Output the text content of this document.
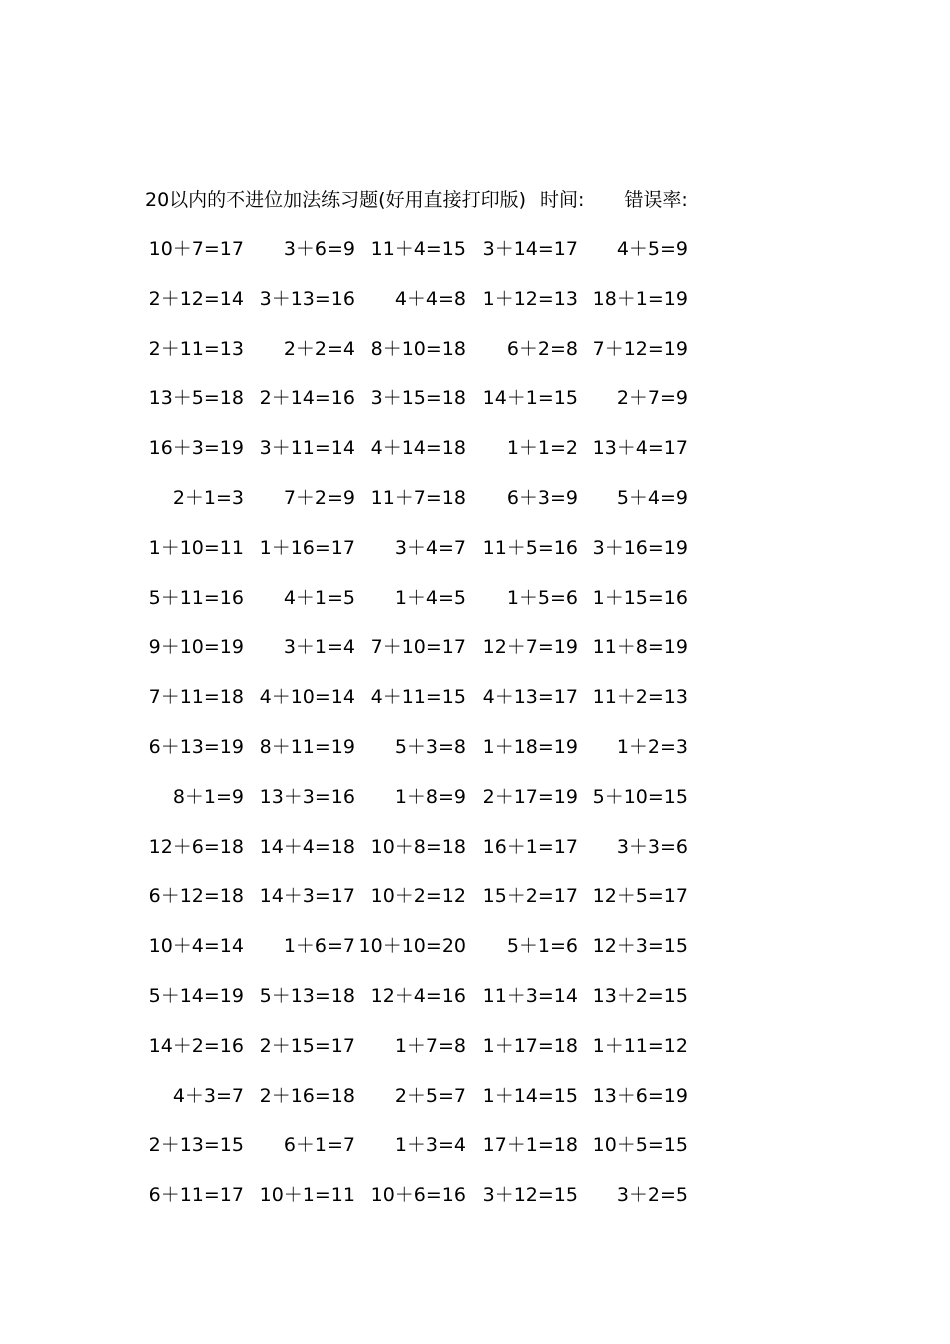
20以内的不进位加法练习题(好用直接打印版) 时间: 错误率:
10＋7=17	3＋6=9 11＋4=15 3＋14=17	4＋5=9
2＋12=14 3＋13=16	4＋4=8 1＋12=13 18＋1=19
2＋11=13	2＋2=4 8＋10=18	6＋2=8 7＋12=19
13＋5=18 2＋14=16 3＋15=18 14＋1=15	2＋7=9
16＋3=19 3＋11=14 4＋14=18	1＋1=2 13＋4=17
2＋1=3	7＋2=9 11＋7=18	6＋3=9	5＋4=9
1＋10=11 1＋16=17	3＋4=7 11＋5=16 3＋16=19
5＋11=16	4＋1=5	1＋4=5	1＋5=6 1＋15=16
9＋10=19	3＋1=4 7＋10=17 12＋7=19 11＋8=19
7＋11=18 4＋10=14 4＋11=15 4＋13=17 11＋2=13
6＋13=19 8＋11=19	5＋3=8 1＋18=19	1＋2=3
8＋1=9 13＋3=16	1＋8=9 2＋17=19 5＋10=15
12＋6=18 14＋4=18 10＋8=18 16＋1=17	3＋3=6
6＋12=18 14＋3=17 10＋2=12 15＋2=17 12＋5=17
10＋4=14	1＋6=7 10＋10=20	5＋1=6 12＋3=15
5＋14=19 5＋13=18 12＋4=16 11＋3=14 13＋2=15
14＋2=16 2＋15=17	1＋7=8 1＋17=18 1＋11=12
4＋3=7 2＋16=18	2＋5=7 1＋14=15 13＋6=19
2＋13=15	6＋1=7	1＋3=4 17＋1=18 10＋5=15
6＋11=17 10＋1=11 10＋6=16 3＋12=15	3＋2=5
